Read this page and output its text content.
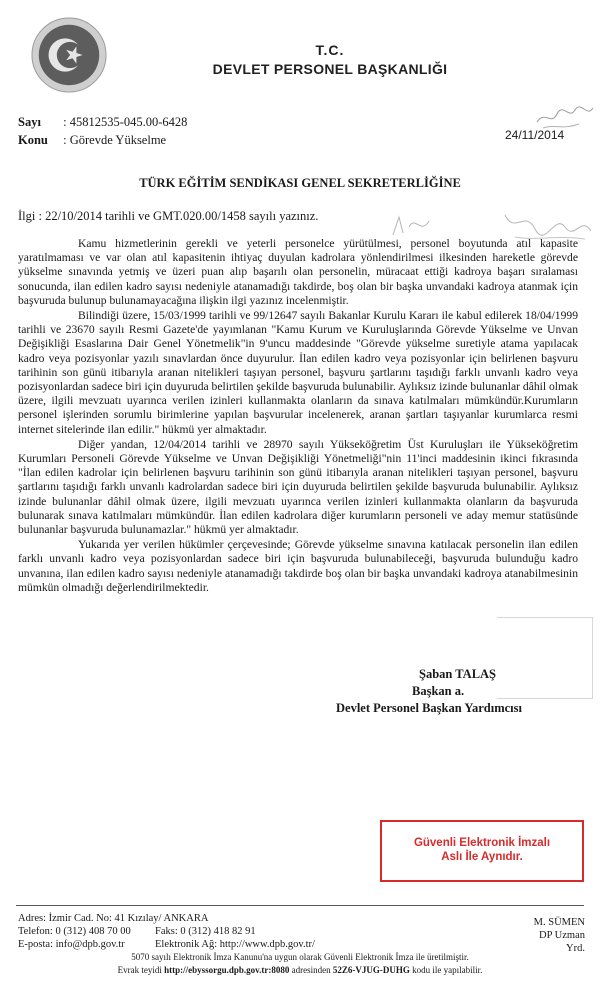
T.C.
DEVLET PERSONEL BAŞKANLIĞI
Sayı : 45812535-045.00-6428
Konu : Görevde Yükselme	24/11/2014
TÜRK EĞİTİM SENDİKASI GENEL SEKRETERLİĞİNE
İlgi : 22/10/2014 tarihli ve GMT.020.00/1458 sayılı yazınız.

Kamu hizmetlerinin gerekli ve yeterli personelce yürütülmesi, personel boyutunda atıl kapasite yaratılmaması ve var olan atıl kapasitenin ihtiyaç duyulan kadrolara yönlendirilmesi ilkesinden hareketle görevde yükselme sınavında yetmiş ve üzeri puan alıp başarılı olan personelin, müracaat ettiği kadroya başarı sıralaması sonucunda, ilan edilen kadro sayısı nedeniyle atanamadığı takdirde, boş olan bir başka unvandaki kadroya atanmak için başvuruda bulunup bulunamayacağına ilişkin ilgi yazınız incelenmiştir.

Bilindiği üzere, 15/03/1999 tarihli ve 99/12647 sayılı Bakanlar Kurulu Kararı ile kabul edilerek 18/04/1999 tarihli ve 23670 sayılı Resmi Gazete'de yayımlanan "Kamu Kurum ve Kuruluşlarında Görevde Yükselme ve Unvan Değişikliği Esaslarına Dair Genel Yönetmelik"in 9'uncu maddesinde "Görevde yükselme suretiyle atama yapılacak kadro veya pozisyonlar yazılı sınavlardan önce duyurulur. İlan edilen kadro veya pozisyonlar için belirlenen başvuru tarihinin son günü itibarıyla aranan nitelikleri taşıyan personel, başvuru şartlarını taşıdığı farklı unvanlı kadro veya pozisyonlardan sadece biri için duyuruda belirtilen şekilde başvuruda bulunabilir. Aylıksız izinde bulunanlar dâhil olmak üzere, ilgili mevzuatı uyarınca verilen izinleri kullanmakta olanların da sınava katılmaları mümkündür.Kurumların personel işlerinden sorumlu birimlerine yapılan başvurular incelenerek, aranan şartları taşıyanlar kurumlarca resmi internet sitelerinde ilan edilir." hükmü yer almaktadır.

Diğer yandan, 12/04/2014 tarihli ve 28970 sayılı Yükseköğretim Üst Kuruluşları ile Yükseköğretim Kurumları Personeli Görevde Yükselme ve Unvan Değişikliği Yönetmeliği"nin 11'inci maddesinin ikinci fıkrasında "İlan edilen kadrolar için belirlenen başvuru tarihinin son günü itibarıyla aranan nitelikleri taşıyan personel, başvuru şartlarını taşıdığı farklı unvanlı kadrolardan sadece biri için duyuruda belirtilen şekilde başvuruda bulunabilir. Aylıksız izinde bulunanlar dâhil olmak üzere, ilgili mevzuatı uyarınca verilen izinleri kullanmakta olanların da başvuruda bulunarak sınava katılmaları mümkündür. İlan edilen kadrolara diğer kurumların personeli ve aday memur statüsünde bulunanlar başvuruda bulunamazlar." hükmü yer almaktadır.

Yukarıda yer verilen hükümler çerçevesinde; Görevde yükselme sınavına katılacak personelin ilan edilen farklı unvanlı kadro veya pozisyonlardan sadece biri için başvuruda bulunabileceği, başvuruda bulunduğu kadro unvanına, ilan edilen kadro sayısı nedeniyle atanamadığı takdirde boş olan bir başka unvandaki kadroya atanabilmesinin mümkün olmadığı değerlendirilmektedir.

Şaban TALAŞ
Başkan a.
Devlet Personel Başkan Yardımcısı
Güvenli Elektronik İmzalı
Aslı İle Aynıdır.
Adres: İzmir Cad. No: 41 Kızılay/ ANKARA
Telefon: 0 (312) 408 70 00 Faks: 0 (312) 418 82 91
E-posta: info@dpb.gov.tr	Elektronik Ağ: http://www.dpb.gov.tr/
M. SÜMEN
DP Uzman Yrd.
5070 sayılı Elektronik İmza Kanunu'na uygun olarak Güvenli Elektronik İmza ile üretilmiştir.
Evrak teyidi http://ebyssorgu.dpb.gov.tr:8080 adresinden 52Z6-VJUG-DUHG kodu ile yapılabilir.
